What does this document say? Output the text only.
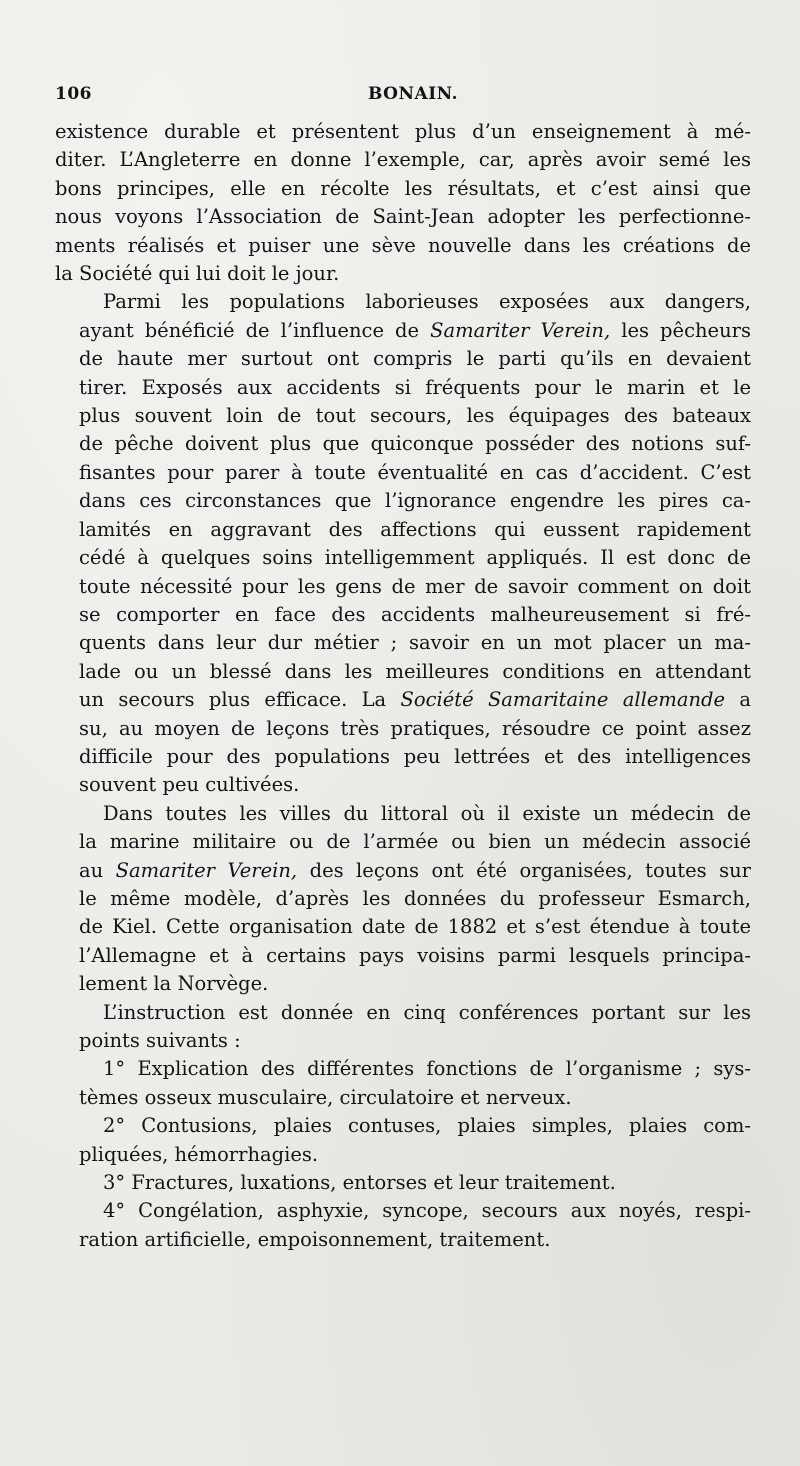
106	BONAIN.
existence durable et présentent plus d’un enseignement à mé-
diter. L’Angleterre en donne l’exemple, car, après avoir semé les
bons principes, elle en récolte les résultats, et c’est ainsi que
nous voyons l’Association de Saint-Jean adopter les perfectionne-
ments réalisés et puiser une sève nouvelle dans les créations de
la Société qui lui doit le jour.
Parmi les populations laborieuses exposées aux dangers,
ayant bénéficié de l’influence de Samariter Verein, les pêcheurs
de haute mer surtout ont compris le parti qu’ils en devaient
tirer. Exposés aux accidents si fréquents pour le marin et le
plus souvent loin de tout secours, les équipages des bateaux
de pêche doivent plus que quiconque posséder des notions suf-
fisantes pour parer à toute éventualité en cas d’accident. C’est
dans ces circonstances que l’ignorance engendre les pires ca-
lamités en aggravant des affections qui eussent rapidement
cédé à quelques soins intelligemment appliqués. Il est donc de
toute nécessité pour les gens de mer de savoir comment on doit
se comporter en face des accidents malheureusement si fré-
quents dans leur dur métier ; savoir en un mot placer un ma-
lade ou un blessé dans les meilleures conditions en attendant
un secours plus efficace. La Société Samaritaine allemande a
su, au moyen de leçons très pratiques, résoudre ce point assez
difficile pour des populations peu lettrées et des intelligences
souvent peu cultivées.
Dans toutes les villes du littoral où il existe un médecin de
la marine militaire ou de l’armée ou bien un médecin associé
au Samariter Verein, des leçons ont été organisées, toutes sur
le même modèle, d’après les données du professeur Esmarch,
de Kiel. Cette organisation date de 1882 et s’est étendue à toute
l’Allemagne et à certains pays voisins parmi lesquels principa-
lement la Norvège.
L’instruction est donnée en cinq conférences portant sur les
points suivants :
1° Explication des différentes fonctions de l’organisme ; sys-
tèmes osseux musculaire, circulatoire et nerveux.
2° Contusions, plaies contuses, plaies simples, plaies com-
pliquées, hémorrhagies.
3° Fractures, luxations, entorses et leur traitement.
4° Congélation, asphyxie, syncope, secours aux noyés, respi-
ration artificielle, empoisonnement, traitement.
